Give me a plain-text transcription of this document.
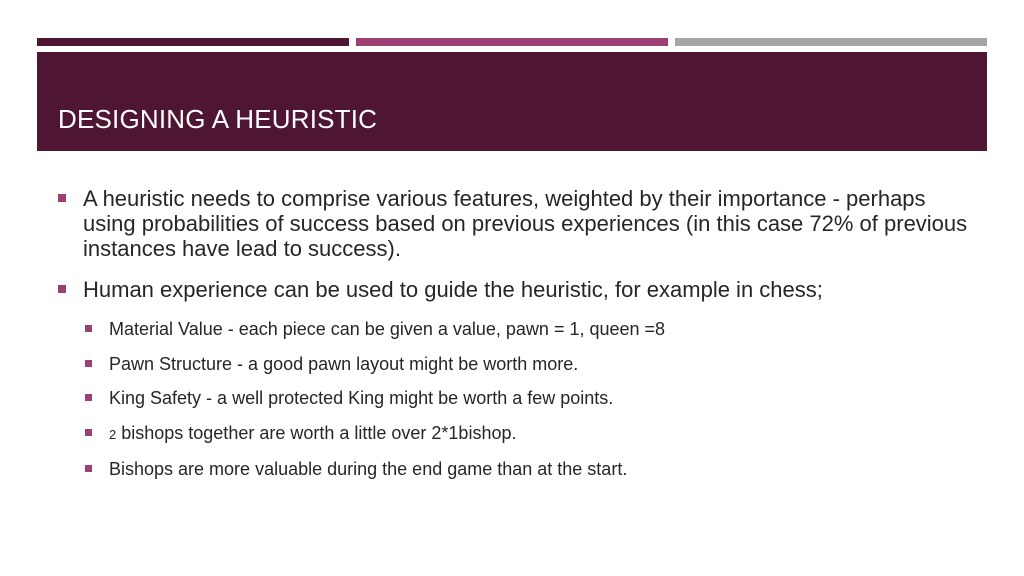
DESIGNING A HEURISTIC
A heuristic needs to comprise various features, weighted by their importance - perhaps using probabilities of success based on previous experiences (in this case 72% of previous instances have lead to success).
Human experience can be used to guide the heuristic, for example in chess;
Material Value - each piece can be given a value, pawn = 1, queen =8
Pawn Structure - a good pawn layout might be worth more.
King Safety - a well protected King might be worth a few points.
2 bishops together are worth a little over 2*1bishop.
Bishops are more valuable during the end game than at the start.
